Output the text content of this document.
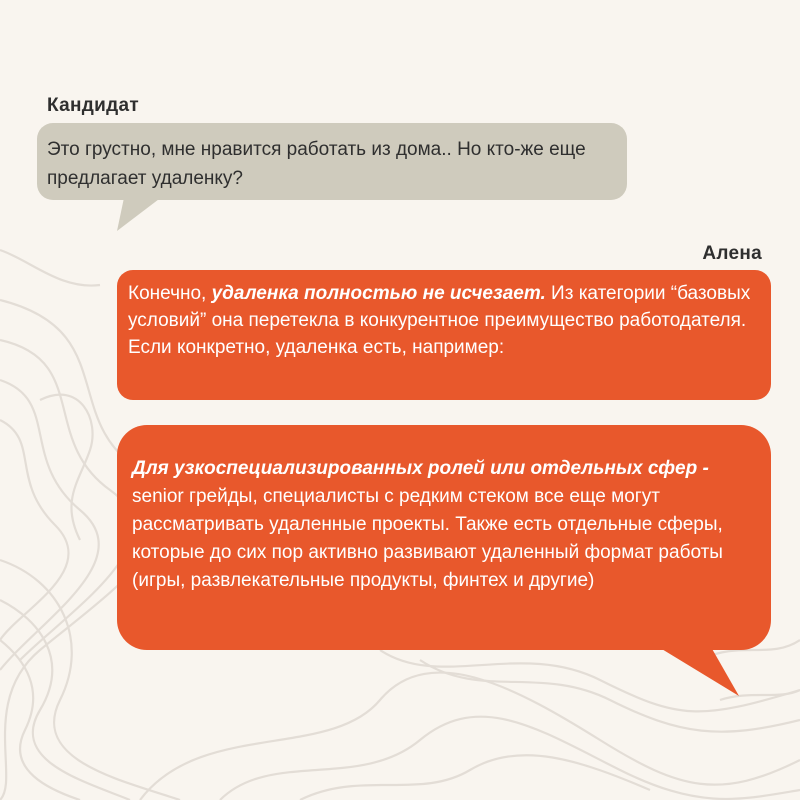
Кандидат
Это грустно, мне нравится работать из дома.. Но кто-же еще предлагает удаленку?
Алена
Конечно, удаленка полностью не исчезает. Из категории “базовых условий” она перетекла в конкурентное преимущество работодателя. Если конкретно, удаленка есть, например:
Для узкоспециализированных ролей или отдельных сфер - senior грейды, специалисты с редким стеком все еще могут рассматривать удаленные проекты. Также есть отдельные сферы, которые до сих пор активно развивают удаленный формат работы (игры, развлекательные продукты, финтех и другие)
